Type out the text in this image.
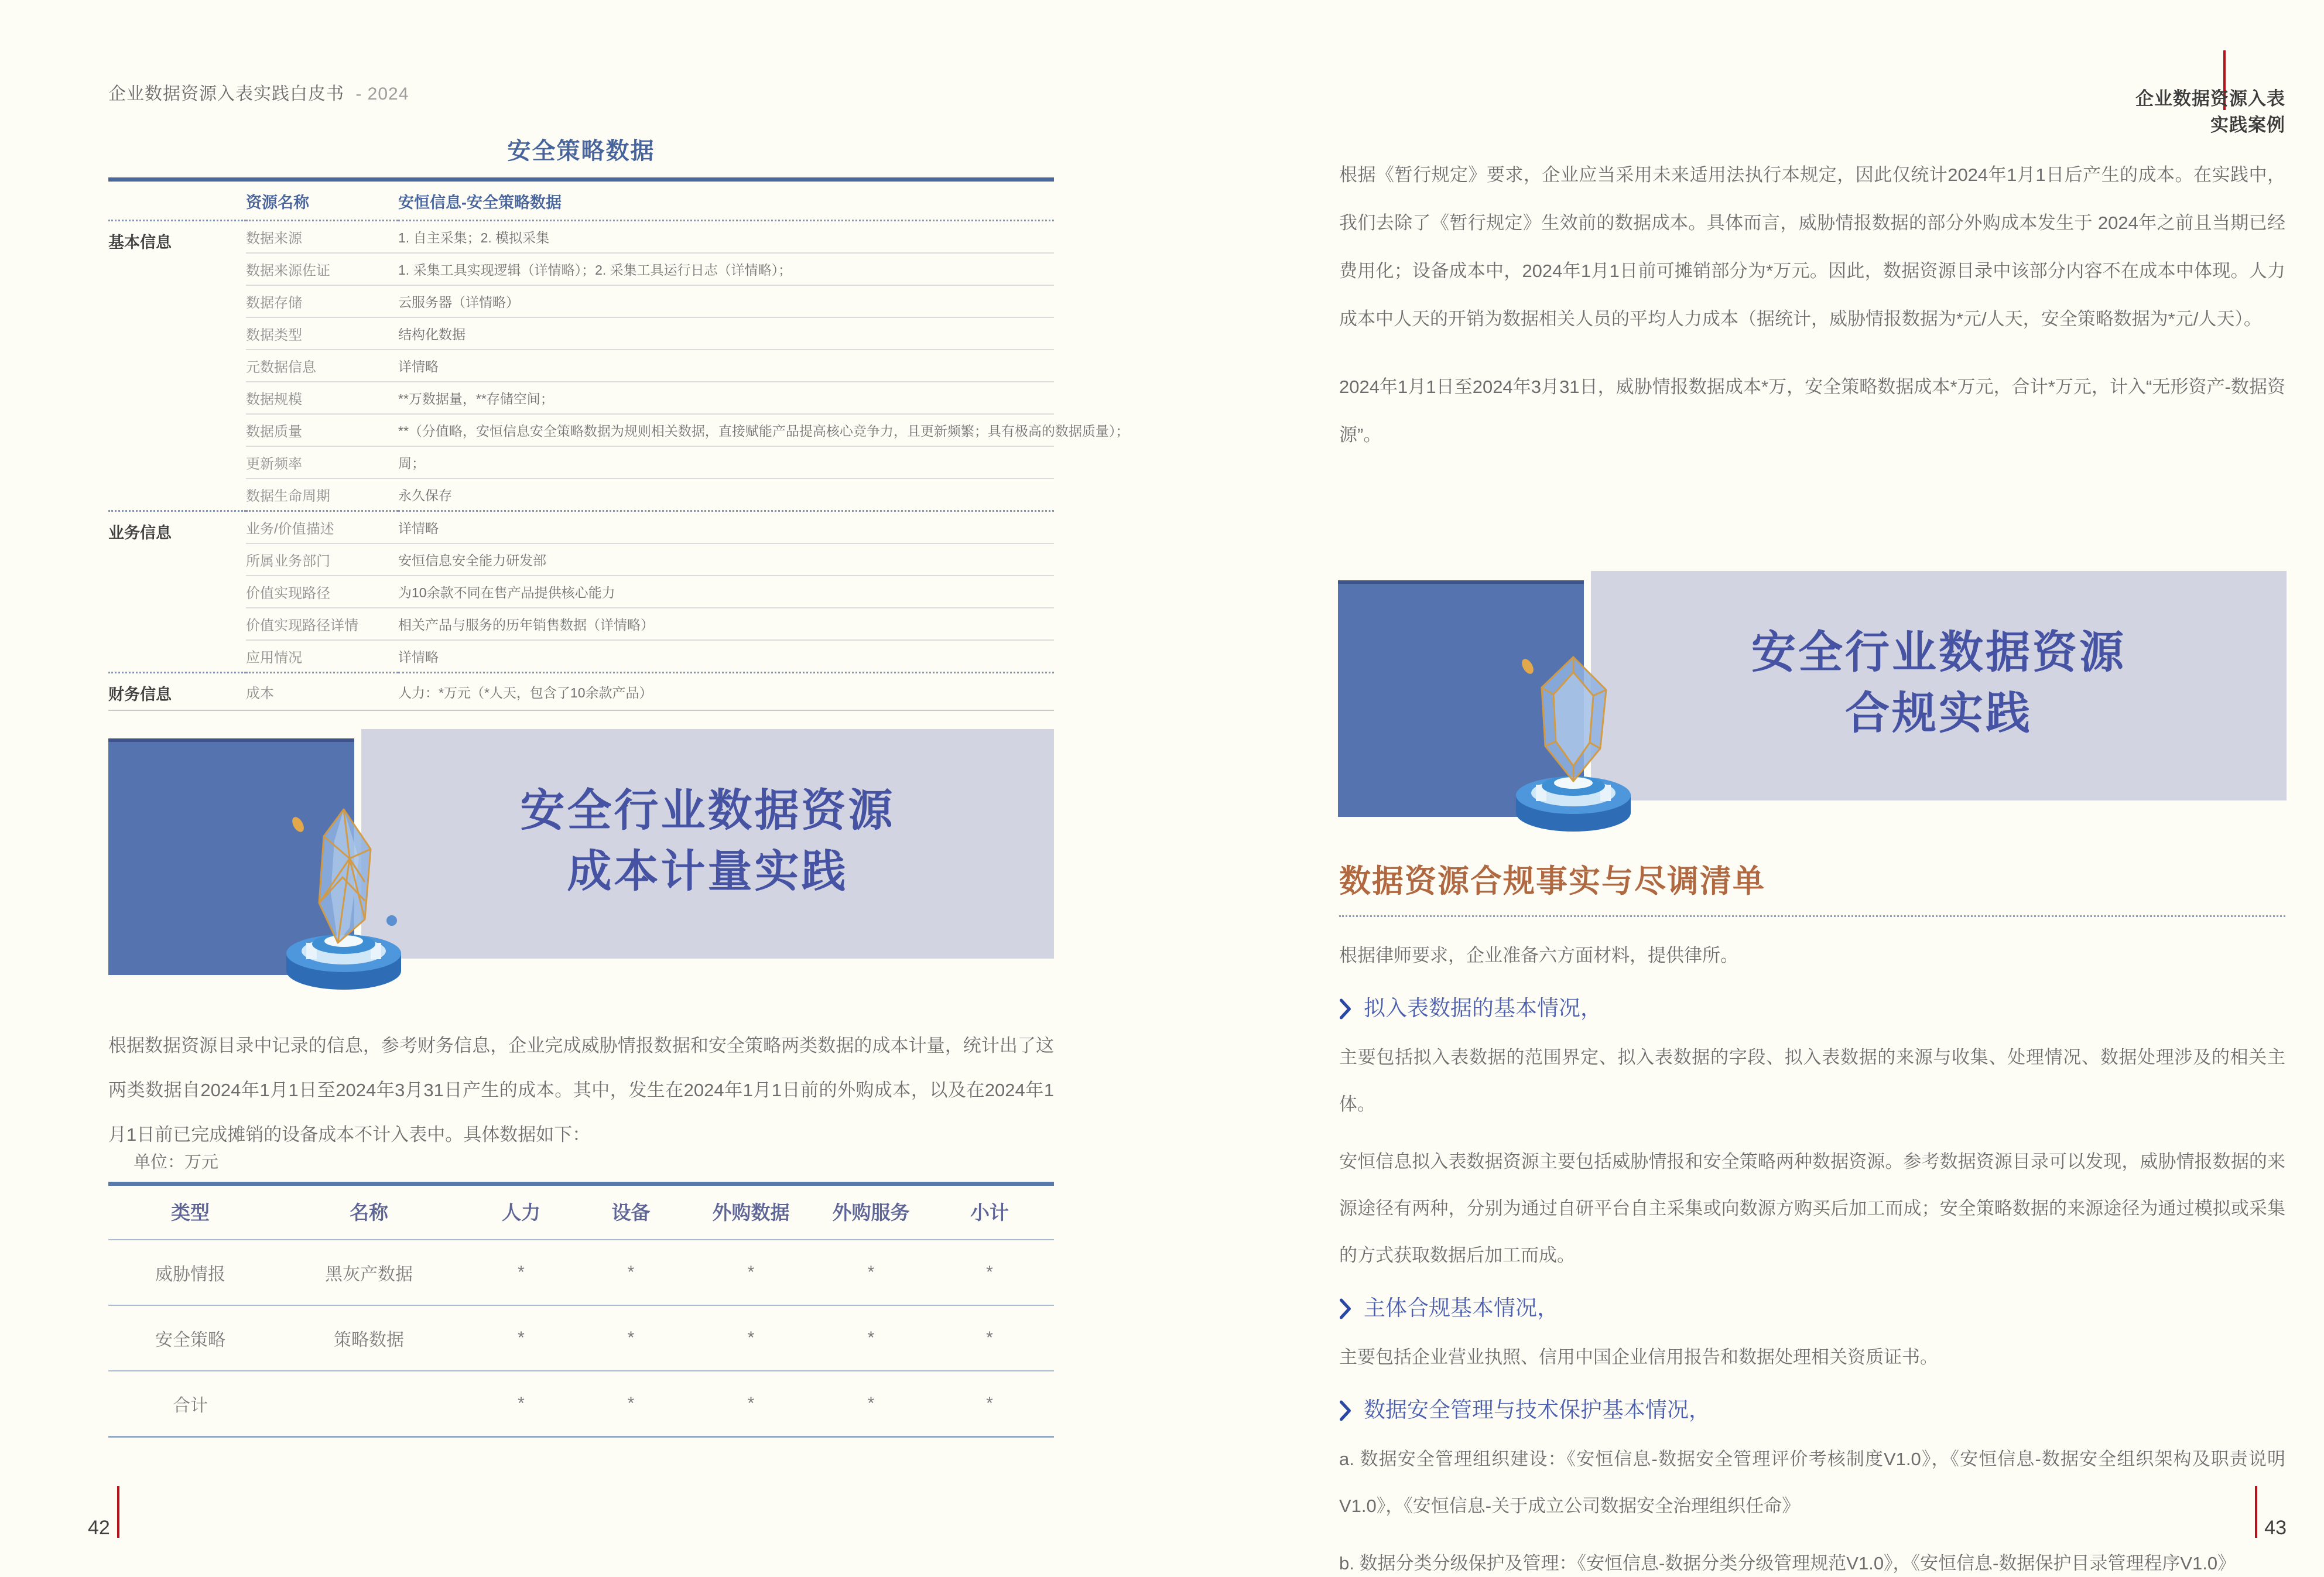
企业数据资源入表实践白皮书 - 2024
安全策略数据
	资源名称	安恒信息-安全策略数据
基本信息	数据来源	1. 自主采集；2. 模拟采集
	数据来源佐证	1. 采集工具实现逻辑（详情略）；2. 采集工具运行日志（详情略）；
	数据存储	云服务器（详情略）
	数据类型	结构化数据
	元数据信息	详情略
	数据规模	**万数据量，**存储空间；
	数据质量	**（分值略，安恒信息安全策略数据为规则相关数据，直接赋能产品提高核心竞争力，且更新频繁；具有极高的数据质量）；
	更新频率	周；
	数据生命周期	永久保存
业务信息	业务/价值描述	详情略
	所属业务部门	安恒信息安全能力研发部
	价值实现路径	为10余款不同在售产品提供核心能力
	价值实现路径详情	相关产品与服务的历年销售数据（详情略）
	应用情况	详情略
财务信息	成本	人力：*万元（*人天，包含了10余款产品）
安全行业数据资源
成本计量实践

根据数据资源目录中记录的信息，参考财务信息，企业完成威胁情报数据和安全策略两类数据的成本计量，统计出了这两类数据自2024年1月1日至2024年3月31日产生的成本。其中，发生在2024年1月1日前的外购成本，以及在2024年1月1日前已完成摊销的设备成本不计入表中。具体数据如下：

单位：万元
类型	名称	人力	设备	外购数据	外购服务	小计
威胁情报	黑灰产数据	*	*	*	*	*
安全策略	策略数据	*	*	*	*	*
合计		*	*	*	*	*
42
企业数据资源入表
实践案例

根据《暂行规定》要求，企业应当采用未来适用法执行本规定，因此仅统计2024年1月1日后产生的成本。在实践中，我们去除了《暂行规定》生效前的数据成本。具体而言，威胁情报数据的部分外购成本发生于 2024年之前且当期已经费用化；设备成本中，2024年1月1日前可摊销部分为*万元。因此，数据资源目录中该部分内容不在成本中体现。人力成本中人天的开销为数据相关人员的平均人力成本（据统计，威胁情报数据为*元/人天，安全策略数据为*元/人天）。

2024年1月1日至2024年3月31日，威胁情报数据成本*万，安全策略数据成本*万元，合计*万元，计入“无形资产-数据资源”。

安全行业数据资源
合规实践
数据资源合规事实与尽调清单

根据律师要求，企业准备六方面材料，提供律所。

拟入表数据的基本情况，

主要包括拟入表数据的范围界定、拟入表数据的字段、拟入表数据的来源与收集、处理情况、数据处理涉及的相关主体。

安恒信息拟入表数据资源主要包括威胁情报和安全策略两种数据资源。参考数据资源目录可以发现，威胁情报数据的来源途径有两种，分别为通过自研平台自主采集或向数源方购买后加工而成；安全策略数据的来源途径为通过模拟或采集的方式获取数据后加工而成。

主体合规基本情况，

主要包括企业营业执照、信用中国企业信用报告和数据处理相关资质证书。

数据安全管理与技术保护基本情况，

a. 数据安全管理组织建设：《安恒信息-数据安全管理评价考核制度V1.0》，《安恒信息-数据安全组织架构及职责说明V1.0》，《安恒信息-关于成立公司数据安全治理组织任命》

b. 数据分类分级保护及管理：《安恒信息-数据分类分级管理规范V1.0》，《安恒信息-数据保护目录管理程序V1.0》

43
